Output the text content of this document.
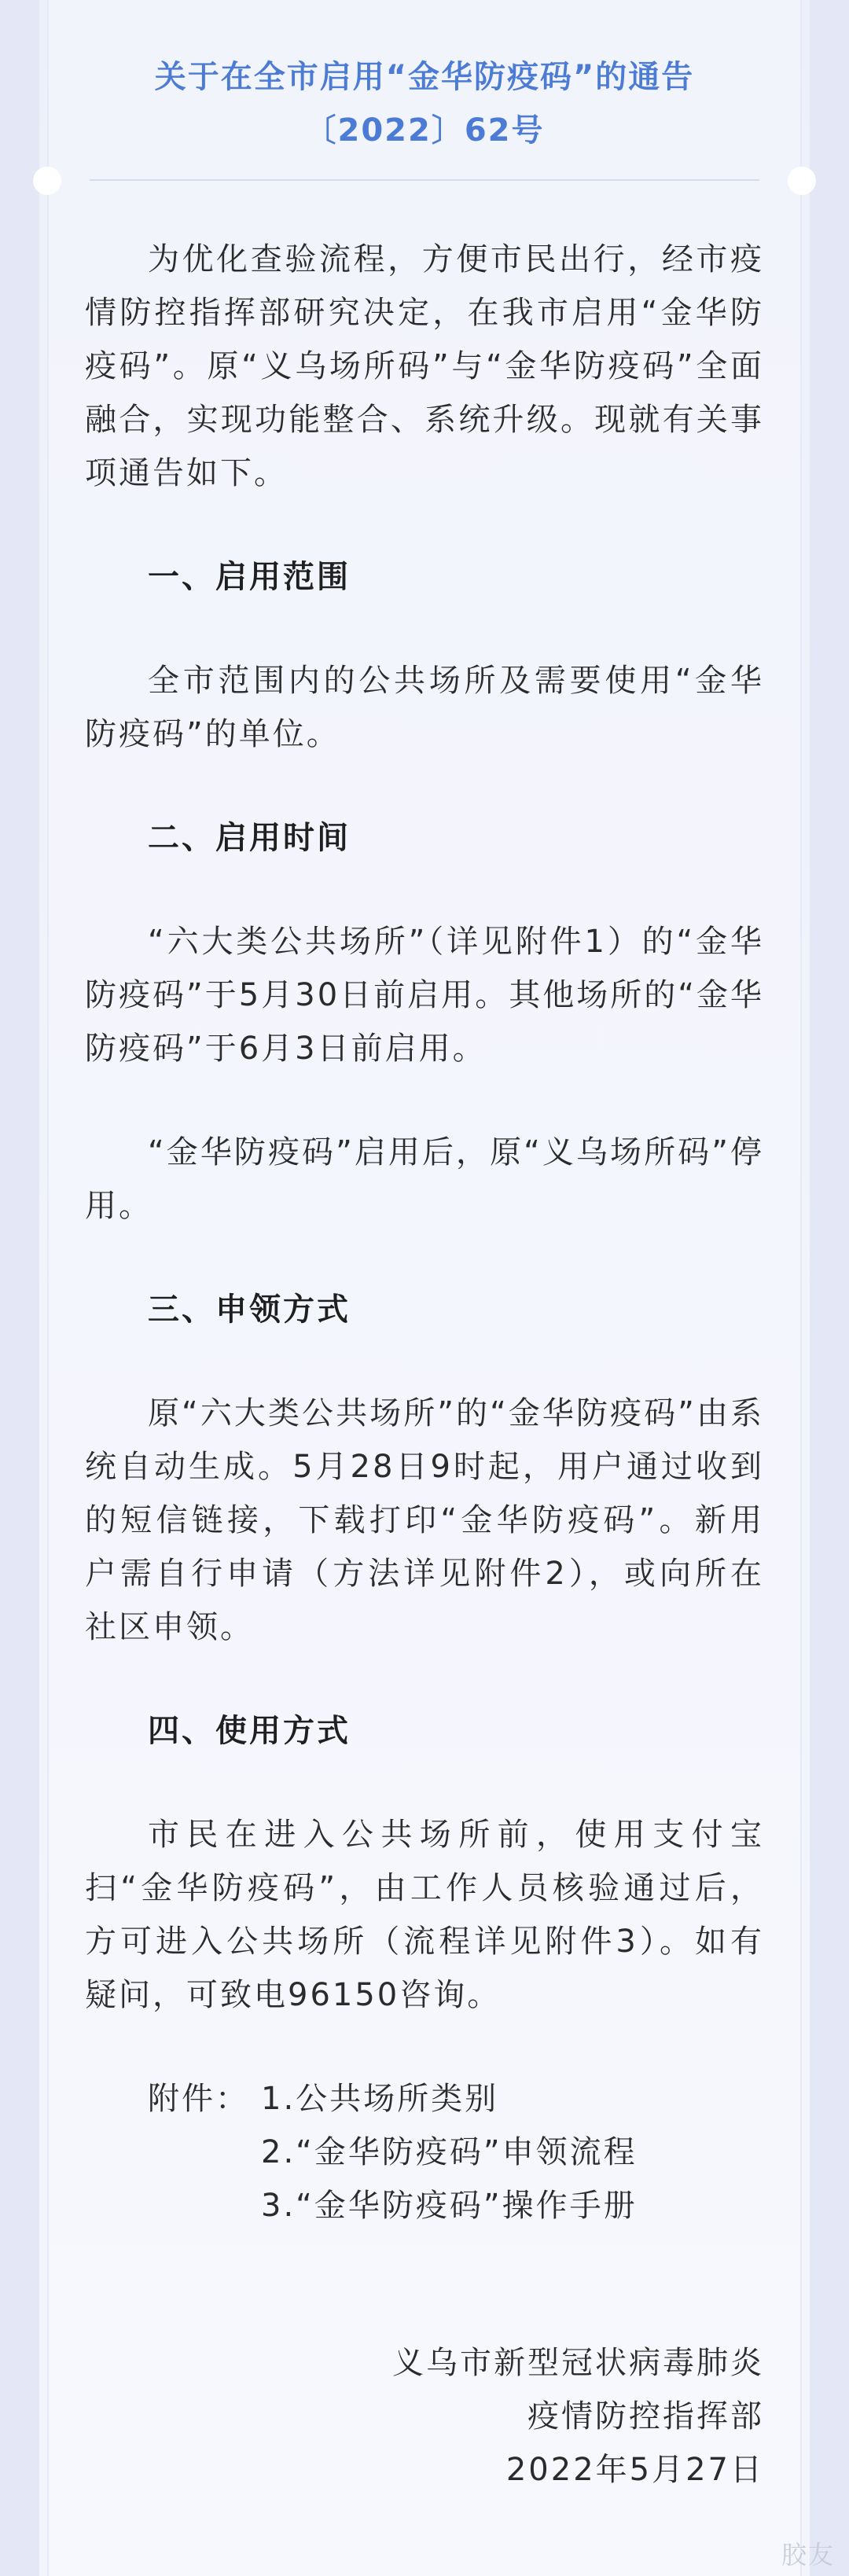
关于在全市启用“金华防疫码”的通告
〔2022〕62号

为优化查验流程，方便市民出行，经市疫情防控指挥部研究决定，在我市启用“金华防疫码”。原“义乌场所码”与“金华防疫码”全面融合，实现功能整合、系统升级。现就有关事项通告如下。

一、启用范围

全市范围内的公共场所及需要使用“金华防疫码”的单位。

二、启用时间

“六大类公共场所”（详见附件1）的“金华防疫码”于5月30日前启用。其他场所的“金华防疫码”于6月3日前启用。

“金华防疫码”启用后，原“义乌场所码”停用。

三、申领方式

原“六大类公共场所”的“金华防疫码”由系统自动生成。5月28日9时起，用户通过收到的短信链接，下载打印“金华防疫码”。新用户需自行申请（方法详见附件2），或向所在社区申领。

四、使用方式

市民在进入公共场所前，使用支付宝扫“金华防疫码”，由工作人员核验通过后，方可进入公共场所（流程详见附件3）。如有疑问，可致电96150咨询。

附件： 1.公共场所类别
2.“金华防疫码”申领流程
3.“金华防疫码”操作手册

义乌市新型冠状病毒肺炎

疫情防控指挥部

2022年5月27日

胶友
